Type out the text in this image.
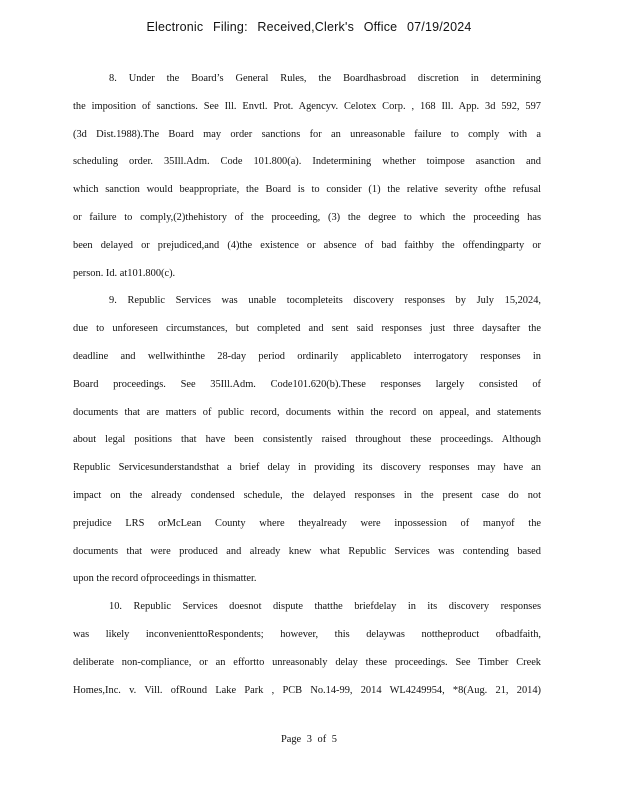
Electronic Filing: Received,Clerk's Office 07/19/2024
8. Under the Board’s General Rules, the Boardhasbroad discretion in determining
the imposition of sanctions. See Ill. Envtl. Prot. Agencyv. Celotex Corp. , 168 Ill. App. 3d 592, 597
(3d Dist.1988).The Board may order sanctions for an unreasonable failure to comply with a
scheduling order. 35Ill.Adm. Code 101.800(a). Indetermining whether toimpose asanction and
which sanction would beappropriate, the Board is to consider (1) the relative severity ofthe refusal
or failure to comply,(2)thehistory of the proceeding, (3) the degree to which the proceeding has
been delayed or prejudiced,and (4)the existence or absence of bad faithby the offendingparty or
person. Id. at101.800(c).
9. Republic Services was unable tocompleteits discovery responses by July 15,2024,
due to unforeseen circumstances, but completed and sent said responses just three daysafter the
deadline and wellwithinthe 28-day period ordinarily applicableto interrogatory responses in
Board proceedings. See 35Ill.Adm. Code101.620(b).These responses largely consisted of
documents that are matters of public record, documents within the record on appeal, and statements
about legal positions that have been consistently raised throughout these proceedings. Although
Republic Servicesunderstandsthat a brief delay in providing its discovery responses may have an
impact on the already condensed schedule, the delayed responses in the present case do not
prejudice LRS orMcLean County where theyalready were inpossession of manyof the
documents that were produced and already knew what Republic Services was contending based
upon the record ofproceedings in thismatter.
10. Republic Services doesnot dispute thatthe briefdelay in its discovery responses
was likely inconvenienttoRespondents; however, this delaywas nottheproduct ofbadfaith,
deliberate non-compliance, or an effortto unreasonably delay these proceedings. See Timber Creek
Homes,Inc. v. Vill. ofRound Lake Park , PCB No.14-99, 2014 WL4249954, *8(Aug. 21, 2014)
Page 3 of 5
